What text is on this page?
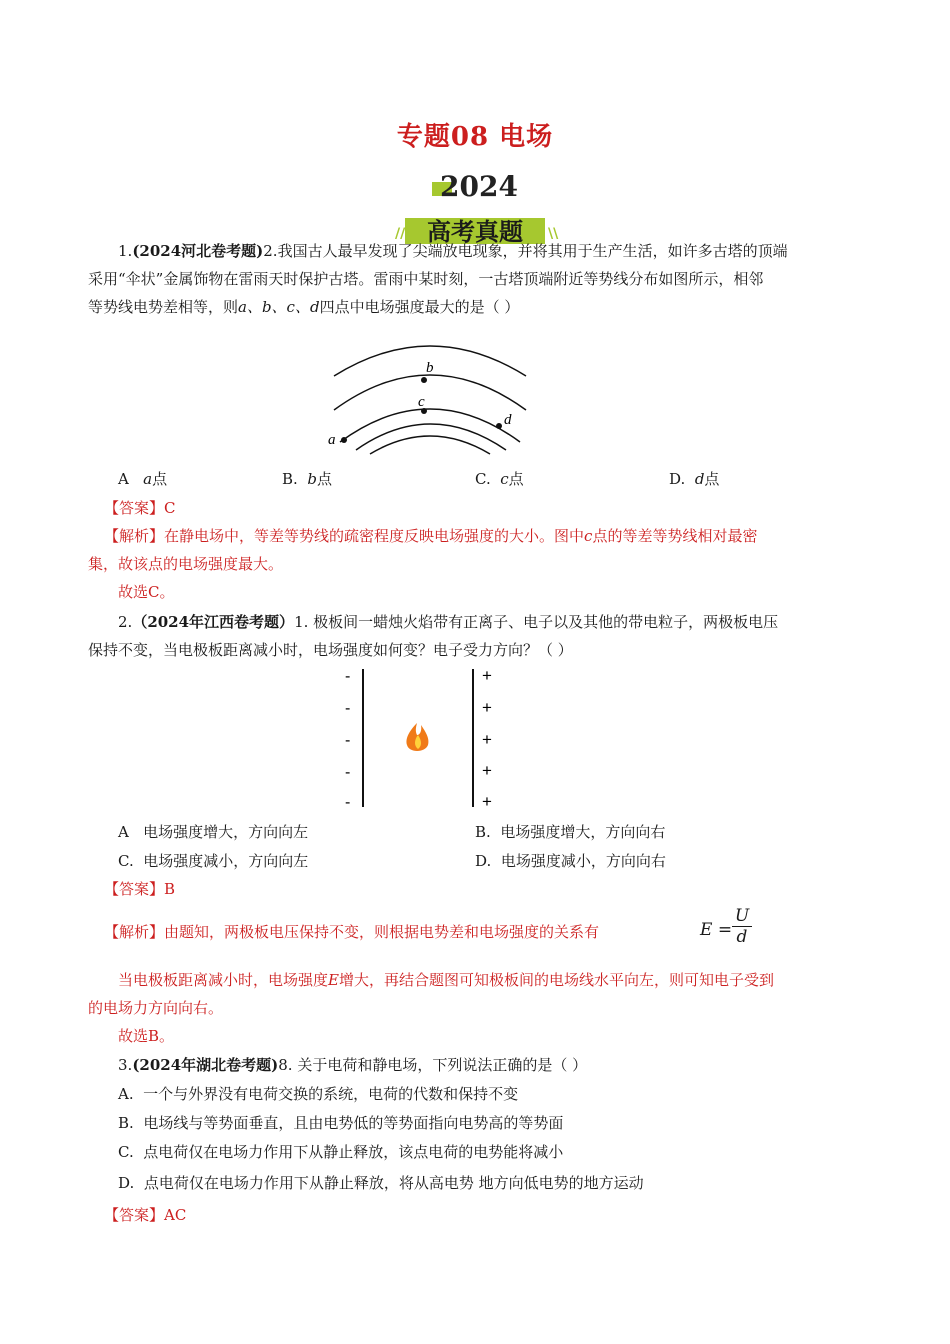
专题08 电场
2024
高考真题
//	\\
1.(2024河北卷考题)2.我国古人最早发现了尖端放电现象，并将其用于生产生活，如许多古塔的顶端
采用“伞状”金属饰物在雷雨天时保护古塔。雷雨中某时刻，一古塔顶端附近等势线分布如图所示，相邻
等势线电势差相等，则a、b、c、d四点中电场强度最大的是（ ）
b
c
d
a
A a点	B. b点	C. c点	D. d点
【答案】C
【解析】在静电场中，等差等势线的疏密程度反映电场强度的大小。图中c点的等差等势线相对最密
集，故该点的电场强度最大。
故选C。
2.（2024年江西卷考题）1. 极板间一蜡烛火焰带有正离子、电子以及其他的带电粒子，两极板电压
保持不变，当电极板距离减小时，电场强度如何变？电子受力方向？（ ）
-
-
-
-
-
+
+
+
+
+
A 电场强度增大，方向向左	B. 电场强度增大，方向向右
C. 电场强度减小，方向向左	D. 电场强度减小，方向向右
【答案】B
【解析】由题知，两极板电压保持不变，则根据电势差和电场强度的关系有	E =
U
d
当电极板距离减小时，电场强度E增大，再结合题图可知极板间的电场线水平向左，则可知电子受到
的电场力方向向右。
故选B。
3.(2024年湖北卷考题)8. 关于电荷和静电场，下列说法正确的是（ ）
A. 一个与外界没有电荷交换的系统，电荷的代数和保持不变
B. 电场线与等势面垂直，且由电势低的等势面指向电势高的等势面
C. 点电荷仅在电场力作用下从静止释放，该点电荷的电势能将减小
D. 点电荷仅在电场力作用下从静止释放，将从高电势 地方向低电势的地方运动
【答案】AC
